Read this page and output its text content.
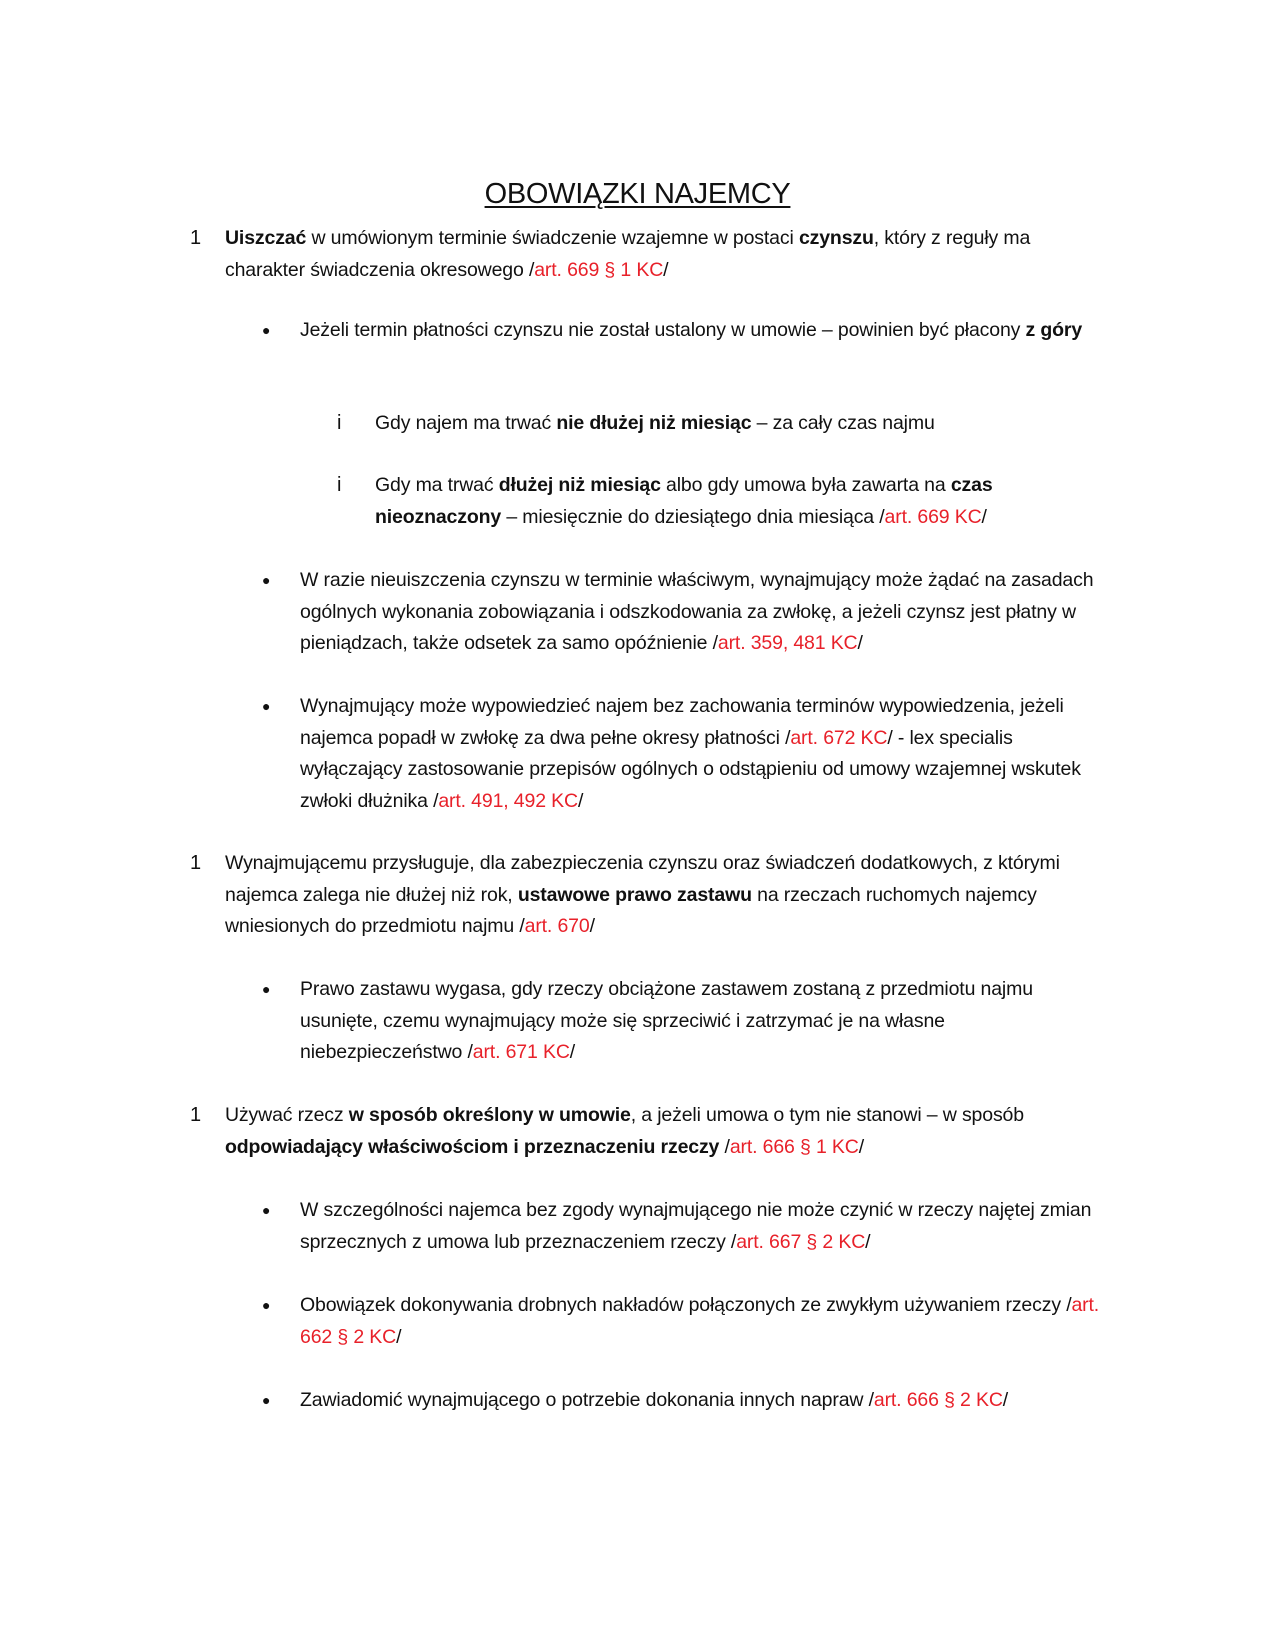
OBOWIĄZKI NAJEMCY
1 Uiszczać w umówionym terminie świadczenie wzajemne w postaci czynszu, który z reguły ma charakter świadczenia okresowego /art. 669 § 1 KC/
● Jeżeli termin płatności czynszu nie został ustalony w umowie – powinien być płacony z góry
i Gdy najem ma trwać nie dłużej niż miesiąc – za cały czas najmu
i Gdy ma trwać dłużej niż miesiąc albo gdy umowa była zawarta na czas nieoznaczony – miesięcznie do dziesiątego dnia miesiąca /art. 669 KC/
● W razie nieuiszczenia czynszu w terminie właściwym, wynajmujący może żądać na zasadach ogólnych wykonania zobowiązania i odszkodowania za zwłokę, a jeżeli czynsz jest płatny w pieniądzach, także odsetek za samo opóźnienie /art. 359, 481 KC/
● Wynajmujący może wypowiedzieć najem bez zachowania terminów wypowiedzenia, jeżeli najemca popadł w zwłokę za dwa pełne okresy płatności /art. 672 KC/ - lex specialis wyłączający zastosowanie przepisów ogólnych o odstąpieniu od umowy wzajemnej wskutek zwłoki dłużnika /art. 491, 492 KC/
1 Wynajmującemu przysługuje, dla zabezpieczenia czynszu oraz świadczeń dodatkowych, z którymi najemca zalega nie dłużej niż rok, ustawowe prawo zastawu na rzeczach ruchomych najemcy wniesionych do przedmiotu najmu /art. 670/
● Prawo zastawu wygasa, gdy rzeczy obciążone zastawem zostaną z przedmiotu najmu usunięte, czemu wynajmujący może się sprzeciwić i zatrzymać je na własne niebezpieczeństwo /art. 671 KC/
1 Używać rzecz w sposób określony w umowie, a jeżeli umowa o tym nie stanowi – w sposób odpowiadający właściwościom i przeznaczeniu rzeczy /art. 666 § 1 KC/
● W szczególności najemca bez zgody wynajmującego nie może czynić w rzeczy najętej zmian sprzecznych z umowa lub przeznaczeniem rzeczy /art. 667 § 2 KC/
● Obowiązek dokonywania drobnych nakładów połączonych ze zwykłym używaniem rzeczy /art. 662 § 2 KC/
● Zawiadomić wynajmującego o potrzebie dokonania innych napraw /art. 666 § 2 KC/
